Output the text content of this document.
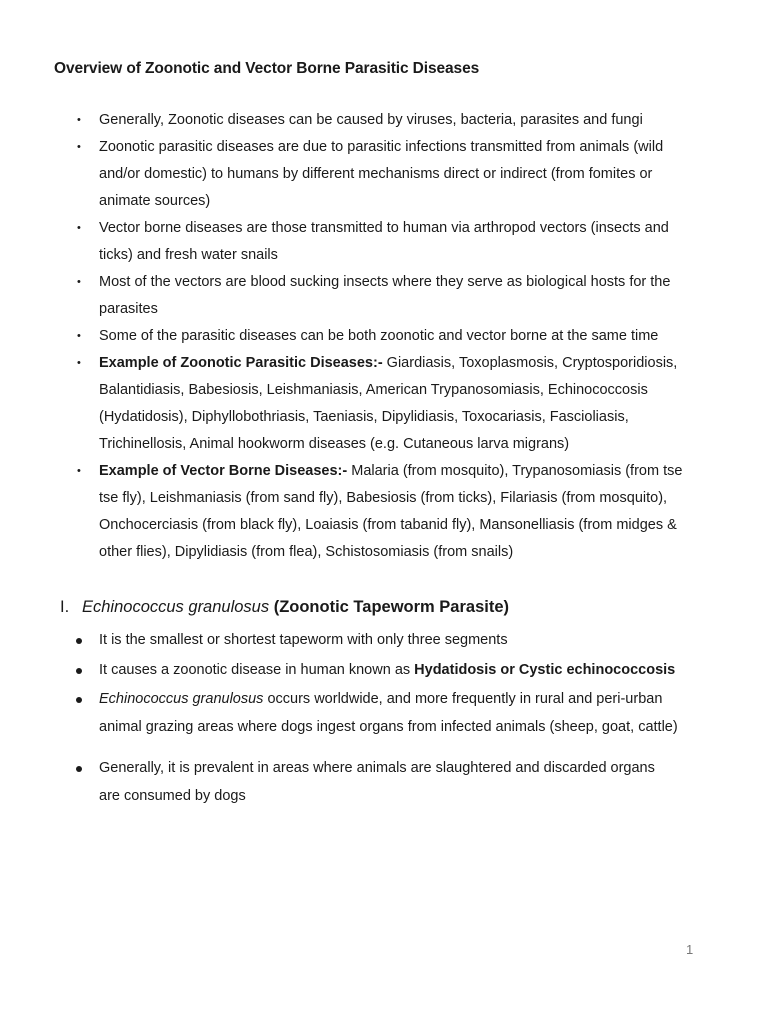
Overview of Zoonotic and Vector Borne Parasitic Diseases
• Generally, Zoonotic diseases can be caused by viruses, bacteria, parasites and fungi
• Zoonotic parasitic diseases are due to parasitic infections transmitted from animals (wild and/or domestic) to humans by different mechanisms direct or indirect (from fomites or animate sources)
• Vector borne diseases are those transmitted to human via arthropod vectors (insects and ticks) and fresh water snails
• Most of the vectors are blood sucking insects where they serve as biological hosts for the parasites
• Some of the parasitic diseases can be both zoonotic and vector borne at the same time
• Example of Zoonotic Parasitic Diseases:- Giardiasis, Toxoplasmosis, Cryptosporidiosis, Balantidiasis, Babesiosis, Leishmaniasis, American Trypanosomiasis, Echinococcosis (Hydatidosis), Diphyllobothriasis, Taeniasis, Dipylidiasis, Toxocariasis, Fascioliasis, Trichinellosis, Animal hookworm diseases (e.g. Cutaneous larva migrans)
• Example of Vector Borne Diseases:- Malaria (from mosquito), Trypanosomiasis (from tse tse fly), Leishmaniasis (from sand fly), Babesiosis (from ticks), Filariasis (from mosquito), Onchocerciasis (from black fly), Loaiasis (from tabanid fly), Mansonelliasis (from midges & other flies), Dipylidiasis (from flea), Schistosomiasis (from snails)
I. Echinococcus granulosus (Zoonotic Tapeworm Parasite)
It is the smallest or shortest tapeworm with only three segments
It causes a zoonotic disease in human known as Hydatidosis or Cystic echinococcosis
Echinococcus granulosus occurs worldwide, and more frequently in rural and peri-urban animal grazing areas where dogs ingest organs from infected animals (sheep, goat, cattle)
Generally, it is prevalent in areas where animals are slaughtered and discarded organs are consumed by dogs
1
